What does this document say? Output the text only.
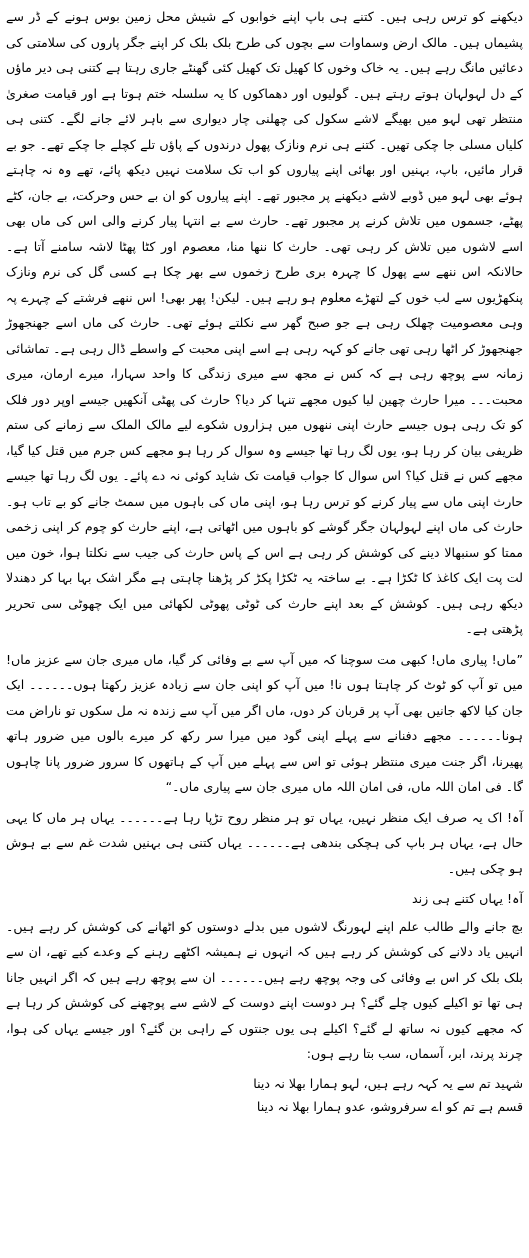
دیکھنے کو ترس رہی ہیں۔ کتنے ہی باپ اپنے خوابوں کے شیش محل زمین بوس ہونے کے ڈر سے پشیماں ہیں۔ مالک ارض وسماوات سے بچوں کی طرح بلک بلک کر اپنے جگر پاروں کی سلامتی کی دعائیں مانگ رہے ہیں۔ یہ خاک وخوں کا کھیل تک کھیل کئی گھنٹے جاری رہتا ہے کتنی ہی دیر ماؤں کے دل لہولہان ہوتے رہتے ہیں۔ گولیوں اور دھماکوں کا یہ سلسلہ ختم ہوتا ہے اور قیامت صغریٰ منتظر تھی لہو میں بھیگے لاشے سکول کی چھلنی چار دیواری سے باہر لائے جانے لگے۔ کتنی ہی کلیاں مسلی جا چکی تھیں۔ کتنے ہی نرم ونازک پھول درندوں کے پاؤں تلے کچلے جا چکے تھے۔ جو بے قرار مائیں، باپ، بہنیں اور بھائی اپنے پیاروں کو اب تک سلامت نہیں دیکھ پائے، تھے وہ نہ چاہتے ہوئے بھی لہو میں ڈوبے لاشے دیکھنے پر مجبور تھے۔ اپنے پیاروں کو ان بے حس وحرکت، بے جان، کٹے پھٹے، جسموں میں تلاش کرنے پر مجبور تھے۔ حارث سے بے انتہا پیار کرنے والی اس کی ماں بھی اسے لاشوں میں تلاش کر رہی تھی۔ حارث کا ننھا منا، معصوم اور کٹا پھٹا لاشہ سامنے آتا ہے۔ حالانکہ اس ننھے سے پھول کا چہرہ بری طرح زخموں سے بھر چکا ہے کسی گل کی نرم ونازک پنکھڑیوں سے لب خوں کے لتھڑے معلوم ہو رہے ہیں۔ لیکن! پھر بھی! اس ننھے فرشتے کے چہرے پہ وہی معصومیت چھلک رہی ہے جو صبح گھر سے نکلتے ہوئے تھی۔ حارث کی ماں اسے جھنجھوڑ جھنجھوڑ کر اٹھا رہی تھی جانے کو کہہ رہی ہے اسے اپنی محبت کے واسطے ڈال رہی ہے۔ تماشائی زمانہ سے پوچھ رہی ہے کہ کس نے مجھ سے میری زندگی کا واحد سہارا، میرے ارمان، میری محبت۔۔۔ میرا حارث چھین لیا کیوں مجھے تنہا کر دیا؟ حارث کی پھٹی آنکھیں جیسے اوپر دور فلک کو تک رہی ہوں جیسے حارث اپنی ننھوں میں ہزاروں شکوے لیے مالک الملک سے زمانے کی ستم ظریفی بیان کر رہا ہو، یوں لگ رہا تھا جیسے وہ سوال کر رہا ہو مجھے کس جرم میں قتل کیا گیا، مجھے کس نے قتل کیا؟ اس سوال کا جواب قیامت تک شاید کوئی نہ دے پائے۔ یوں لگ رہا تھا جیسے حارث اپنی ماں سے پیار کرنے کو ترس رہا ہو، اپنی ماں کی باہوں میں سمٹ جانے کو بے تاب ہو۔ حارث کی ماں اپنے لہولہان جگر گوشے کو باہوں میں اٹھاتی ہے، اپنے حارث کو چوم کر اپنی زخمی ممتا کو سنبھالا دینے کی کوشش کر رہی ہے اس کے پاس حارث کی جیب سے نکلتا ہوا، خون میں لت پت ایک کاغذ کا ٹکڑا ہے۔ بے ساختہ یہ ٹکڑا پکڑ کر پڑھنا چاہتی ہے مگر اشک بہا بہا کر دھندلا دیکھ رہی ہیں۔ کوشش کے بعد اپنے حارث کی ٹوٹی پھوٹی لکھائی میں ایک چھوٹی سی تحریر پڑھتی ہے۔

”ماں! پیاری ماں! کبھی مت سوچنا کہ میں آپ سے بے وفائی کر گیا، ماں میری جان سے عزیز ماں! میں تو آپ کو ٹوٹ کر چاہتا ہوں نا! میں آپ کو اپنی جان سے زیادہ عزیز رکھتا ہوں۔۔۔۔۔۔ ایک جان کیا لاکھ جانیں بھی آپ پر قربان کر دوں، ماں اگر میں آپ سے زندہ نہ مل سکوں تو ناراض مت ہونا۔۔۔۔۔۔ مجھے دفنانے سے پہلے اپنی گود میں میرا سر رکھ کر میرے بالوں میں ضرور ہاتھ پھیرنا، اگر جنت میری منتظر ہوئی تو اس سے پہلے میں آپ کے ہاتھوں کا سرور ضرور پانا چاہوں گا۔ فی امان اللہ ماں، فی امان اللہ ماں میری جان سے پیاری ماں۔“

آہ! اک یہ صرف ایک منظر نہیں، یہاں تو ہر منظر روح تڑپا رہا ہے۔۔۔۔۔۔ یہاں ہر ماں کا یہی حال ہے، یہاں ہر باپ کی ہچکی بندھی ہے۔۔۔۔۔۔ یہاں کتنی ہی بہنیں شدت غم سے بے ہوش ہو چکی ہیں۔

آہ! یہاں کتنے ہی زند

بچ جانے والے طالب علم اپنے لہورنگ لاشوں میں بدلے دوستوں کو اٹھانے کی کوشش کر رہے ہیں۔ انہیں یاد دلانے کی کوشش کر رہے ہیں کہ انہوں نے ہمیشہ اکٹھے رہنے کے وعدے کیے تھے، ان سے بلک بلک کر اس بے وفائی کی وجہ پوچھ رہے ہیں۔۔۔۔۔۔ ان سے پوچھ رہے ہیں کہ اگر انہیں جانا ہی تھا تو اکیلے کیوں چلے گئے؟ ہر دوست اپنے دوست کے لاشے سے پوچھنے کی کوشش کر رہا ہے کہ مجھے کیوں نہ ساتھ لے گئے؟ اکیلے ہی یوں جنتوں کے راہی بن گئے؟ اور جیسے یہاں کی ہوا، چرند پرند، ابر، آسماں، سب بتا رہے ہوں:

شہید تم سے یہ کہہ رہے ہیں، لہو ہمارا بھلا نہ دینا

قسم ہے تم کو اے سرفروشو، عدو ہمارا بھلا نہ دینا
